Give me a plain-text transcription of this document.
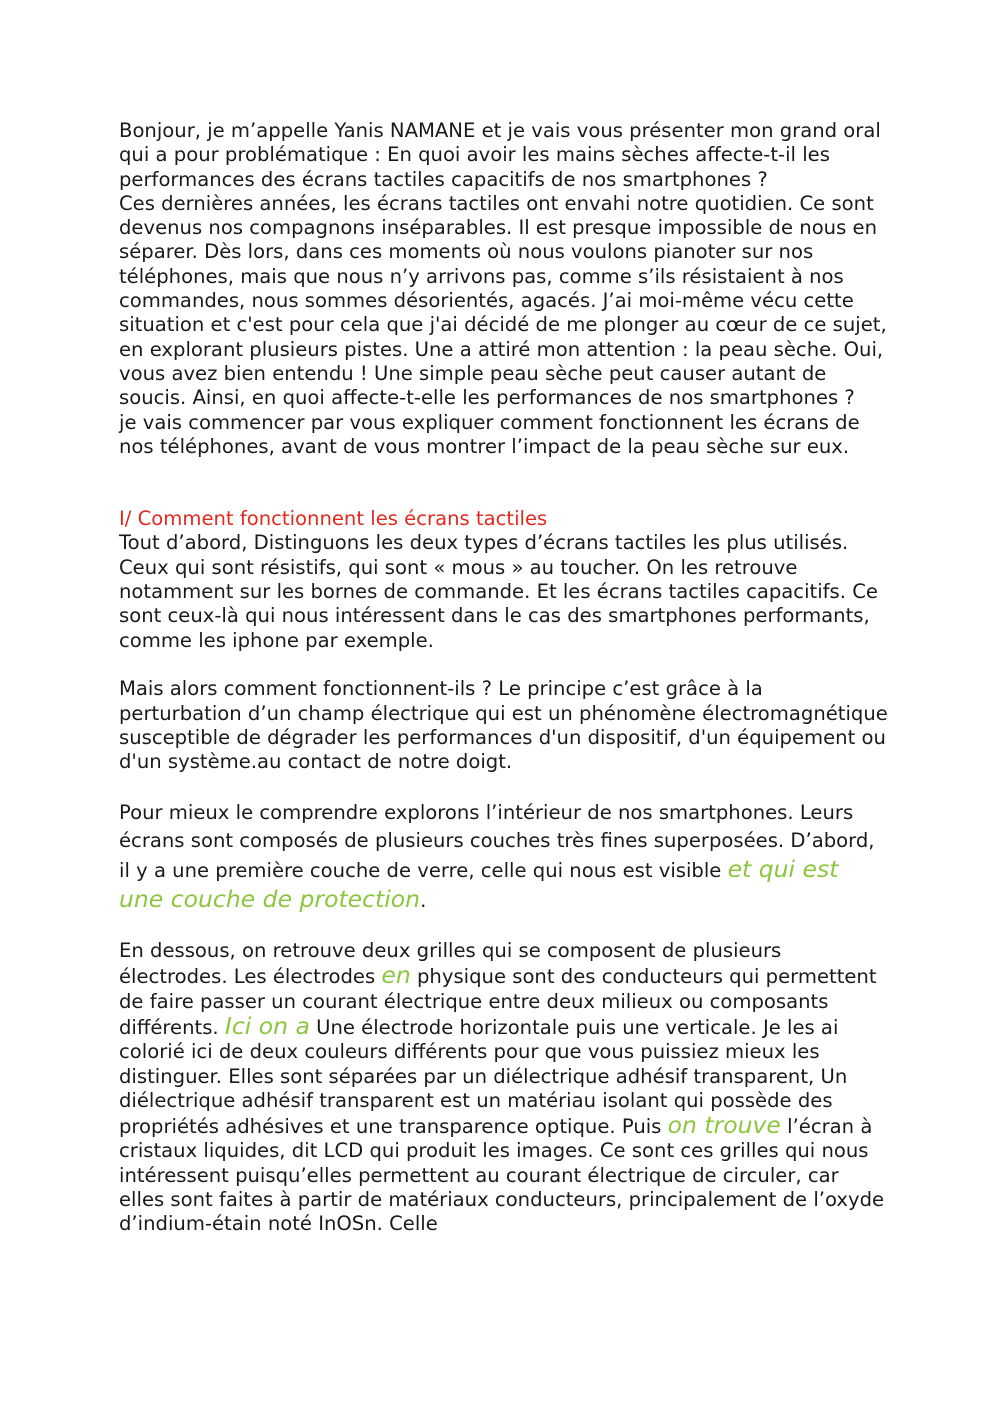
Bonjour, je m’appelle Yanis NAMANE et je vais vous présenter mon grand oral qui a pour problématique : En quoi avoir les mains sèches affecte-t-il les performances des écrans tactiles capacitifs de nos smartphones ?

Ces dernières années, les écrans tactiles ont envahi notre quotidien. Ce sont devenus nos compagnons inséparables. Il est presque impossible de nous en séparer. Dès lors, dans ces moments où nous voulons pianoter sur nos téléphones, mais que nous n’y arrivons pas, comme s’ils résistaient à nos commandes, nous sommes désorientés, agacés. J’ai moi-même vécu cette situation et c'est pour cela que j'ai décidé de me plonger au cœur de ce sujet, en explorant plusieurs pistes. Une a attiré mon attention : la peau sèche. Oui, vous avez bien entendu ! Une simple peau sèche peut causer autant de soucis. Ainsi, en quoi affecte-t-elle les performances de nos smartphones ?

je vais commencer par vous expliquer comment fonctionnent les écrans de nos téléphones, avant de vous montrer l’impact de la peau sèche sur eux.

I/ Comment fonctionnent les écrans tactiles

Tout d’abord, Distinguons les deux types d’écrans tactiles les plus utilisés. Ceux qui sont résistifs, qui sont « mous » au toucher. On les retrouve notamment sur les bornes de commande. Et les écrans tactiles capacitifs. Ce sont ceux-là qui nous intéressent dans le cas des smartphones performants, comme les iphone par exemple.

Mais alors comment fonctionnent-ils ? Le principe c’est grâce à la perturbation d’un champ électrique qui est un phénomène électromagnétique susceptible de dégrader les performances d'un dispositif, d'un équipement ou d'un système.au contact de notre doigt.

Pour mieux le comprendre explorons l’intérieur de nos smartphones. Leurs écrans sont composés de plusieurs couches très fines superposées. D’abord, il y a une première couche de verre, celle qui nous est visible et qui est une couche de protection.

En dessous, on retrouve deux grilles qui se composent de plusieurs électrodes. Les électrodes en physique sont des conducteurs qui permettent de faire passer un courant électrique entre deux milieux ou composants différents. Ici on a Une électrode horizontale puis une verticale. Je les ai colorié ici de deux couleurs différents pour que vous puissiez mieux les distinguer. Elles sont séparées par un diélectrique adhésif transparent, Un diélectrique adhésif transparent est un matériau isolant qui possède des propriétés adhésives et une transparence optique. Puis on trouve l’écran à cristaux liquides, dit LCD qui produit les images. Ce sont ces grilles qui nous intéressent puisqu’elles permettent au courant électrique de circuler, car elles sont faites à partir de matériaux conducteurs, principalement de l’oxyde d’indium-étain noté InOSn. Celle
